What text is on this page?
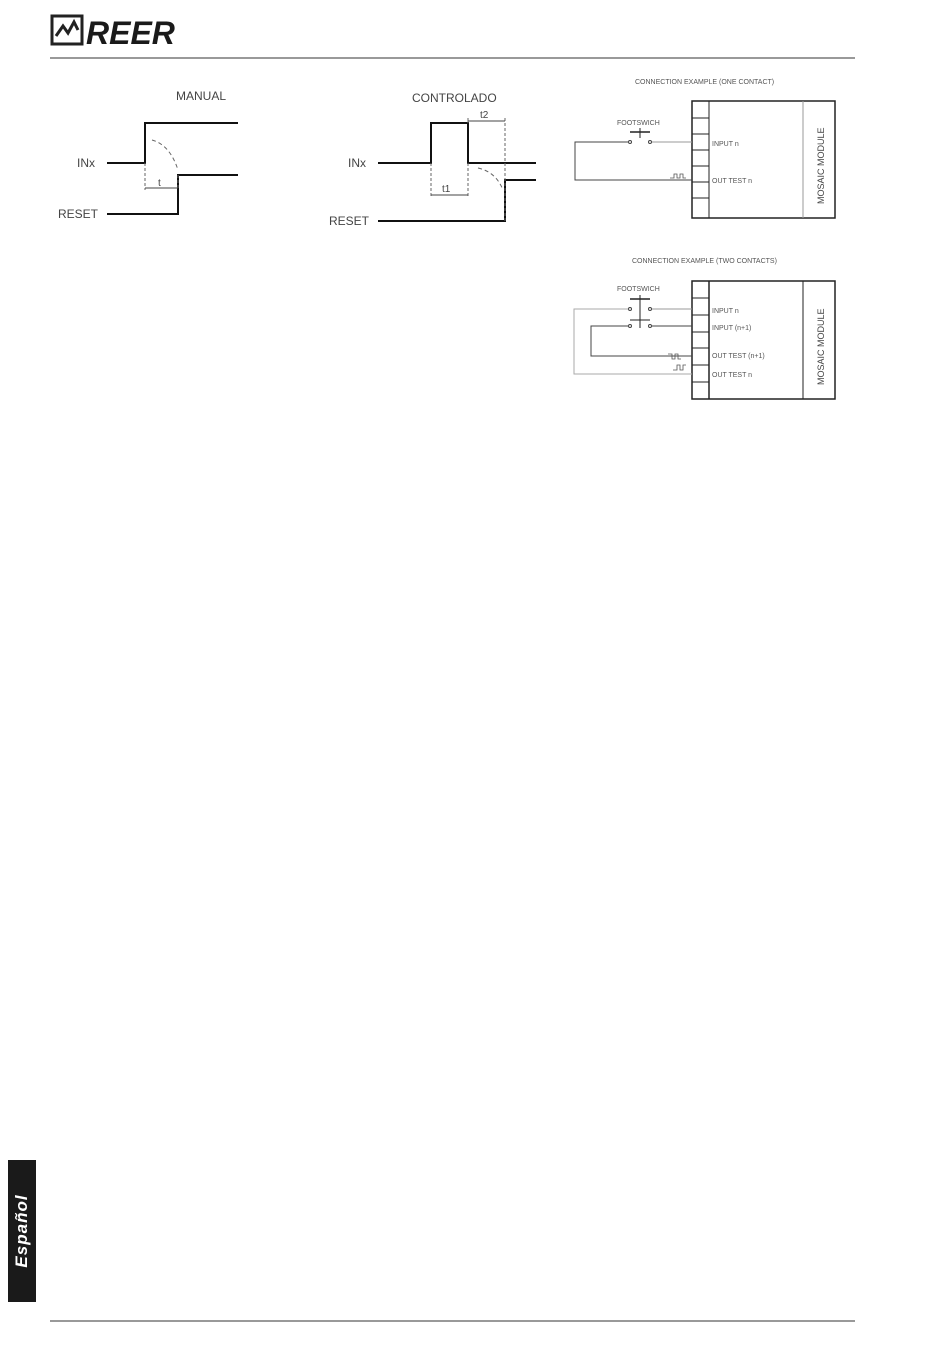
REER
MANUAL
INx
RESET
t
CONTROLADO
INx
RESET
t1
t2
CONNECTION EXAMPLE (ONE CONTACT)
INPUT n
OUT TEST n	MOSAIC MODULE
FOOTSWICH
CONNECTION EXAMPLE (TWO CONTACTS)
INPUT n
INPUT (n+1)
OUT TEST (n+1)
OUT TEST n	MOSAIC MODULE
FOOTSWICH
Español
